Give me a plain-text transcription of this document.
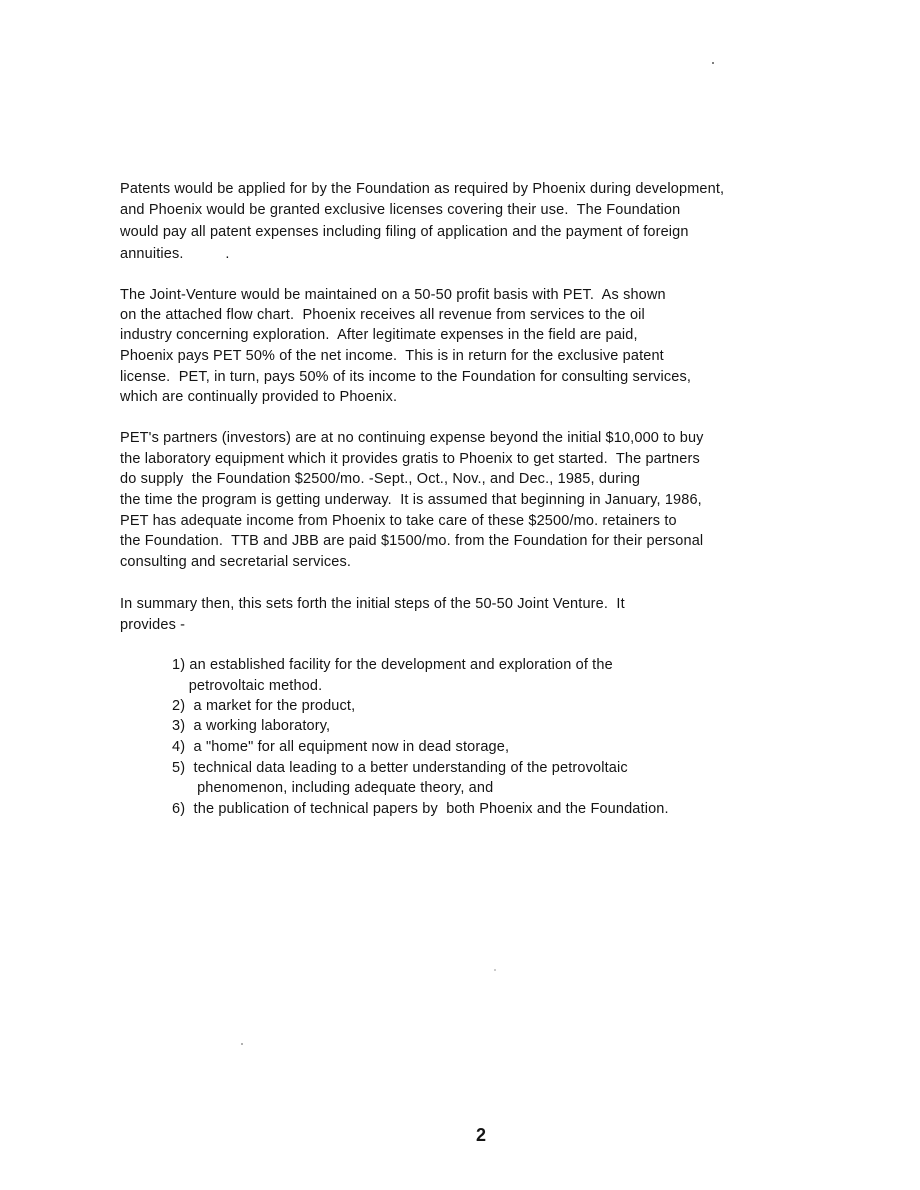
Patents would be applied for by the Foundation as required by Phoenix during development,
and Phoenix would be granted exclusive licenses covering their use.  The Foundation
would pay all patent expenses including filing of application and the payment of foreign
annuities.          .
The Joint-Venture would be maintained on a 50-50 profit basis with PET.  As shown
on the attached flow chart.  Phoenix receives all revenue from services to the oil
industry concerning exploration.  After legitimate expenses in the field are paid,
Phoenix pays PET 50% of the net income.  This is in return for the exclusive patent
license.  PET, in turn, pays 50% of its income to the Foundation for consulting services,
which are continually provided to Phoenix.
PET's partners (investors) are at no continuing expense beyond the initial $10,000 to buy
the laboratory equipment which it provides gratis to Phoenix to get started.  The partners
do supply  the Foundation $2500/mo. -Sept., Oct., Nov., and Dec., 1985, during
the time the program is getting underway.  It is assumed that beginning in January, 1986,
PET has adequate income from Phoenix to take care of these $2500/mo. retainers to
the Foundation.  TTB and JBB are paid $1500/mo. from the Foundation for their personal
consulting and secretarial services.
In summary then, this sets forth the initial steps of the 50-50 Joint Venture.  It
provides -
1) an established facility for the development and exploration of the
petrovoltaic method.
2)  a market for the product,
3)  a working laboratory,
4)  a "home" for all equipment now in dead storage,
5)  technical data leading to a better understanding of the petrovoltaic
phenomenon, including adequate theory, and
6)  the publication of technical papers by  both Phoenix and the Foundation.
2
